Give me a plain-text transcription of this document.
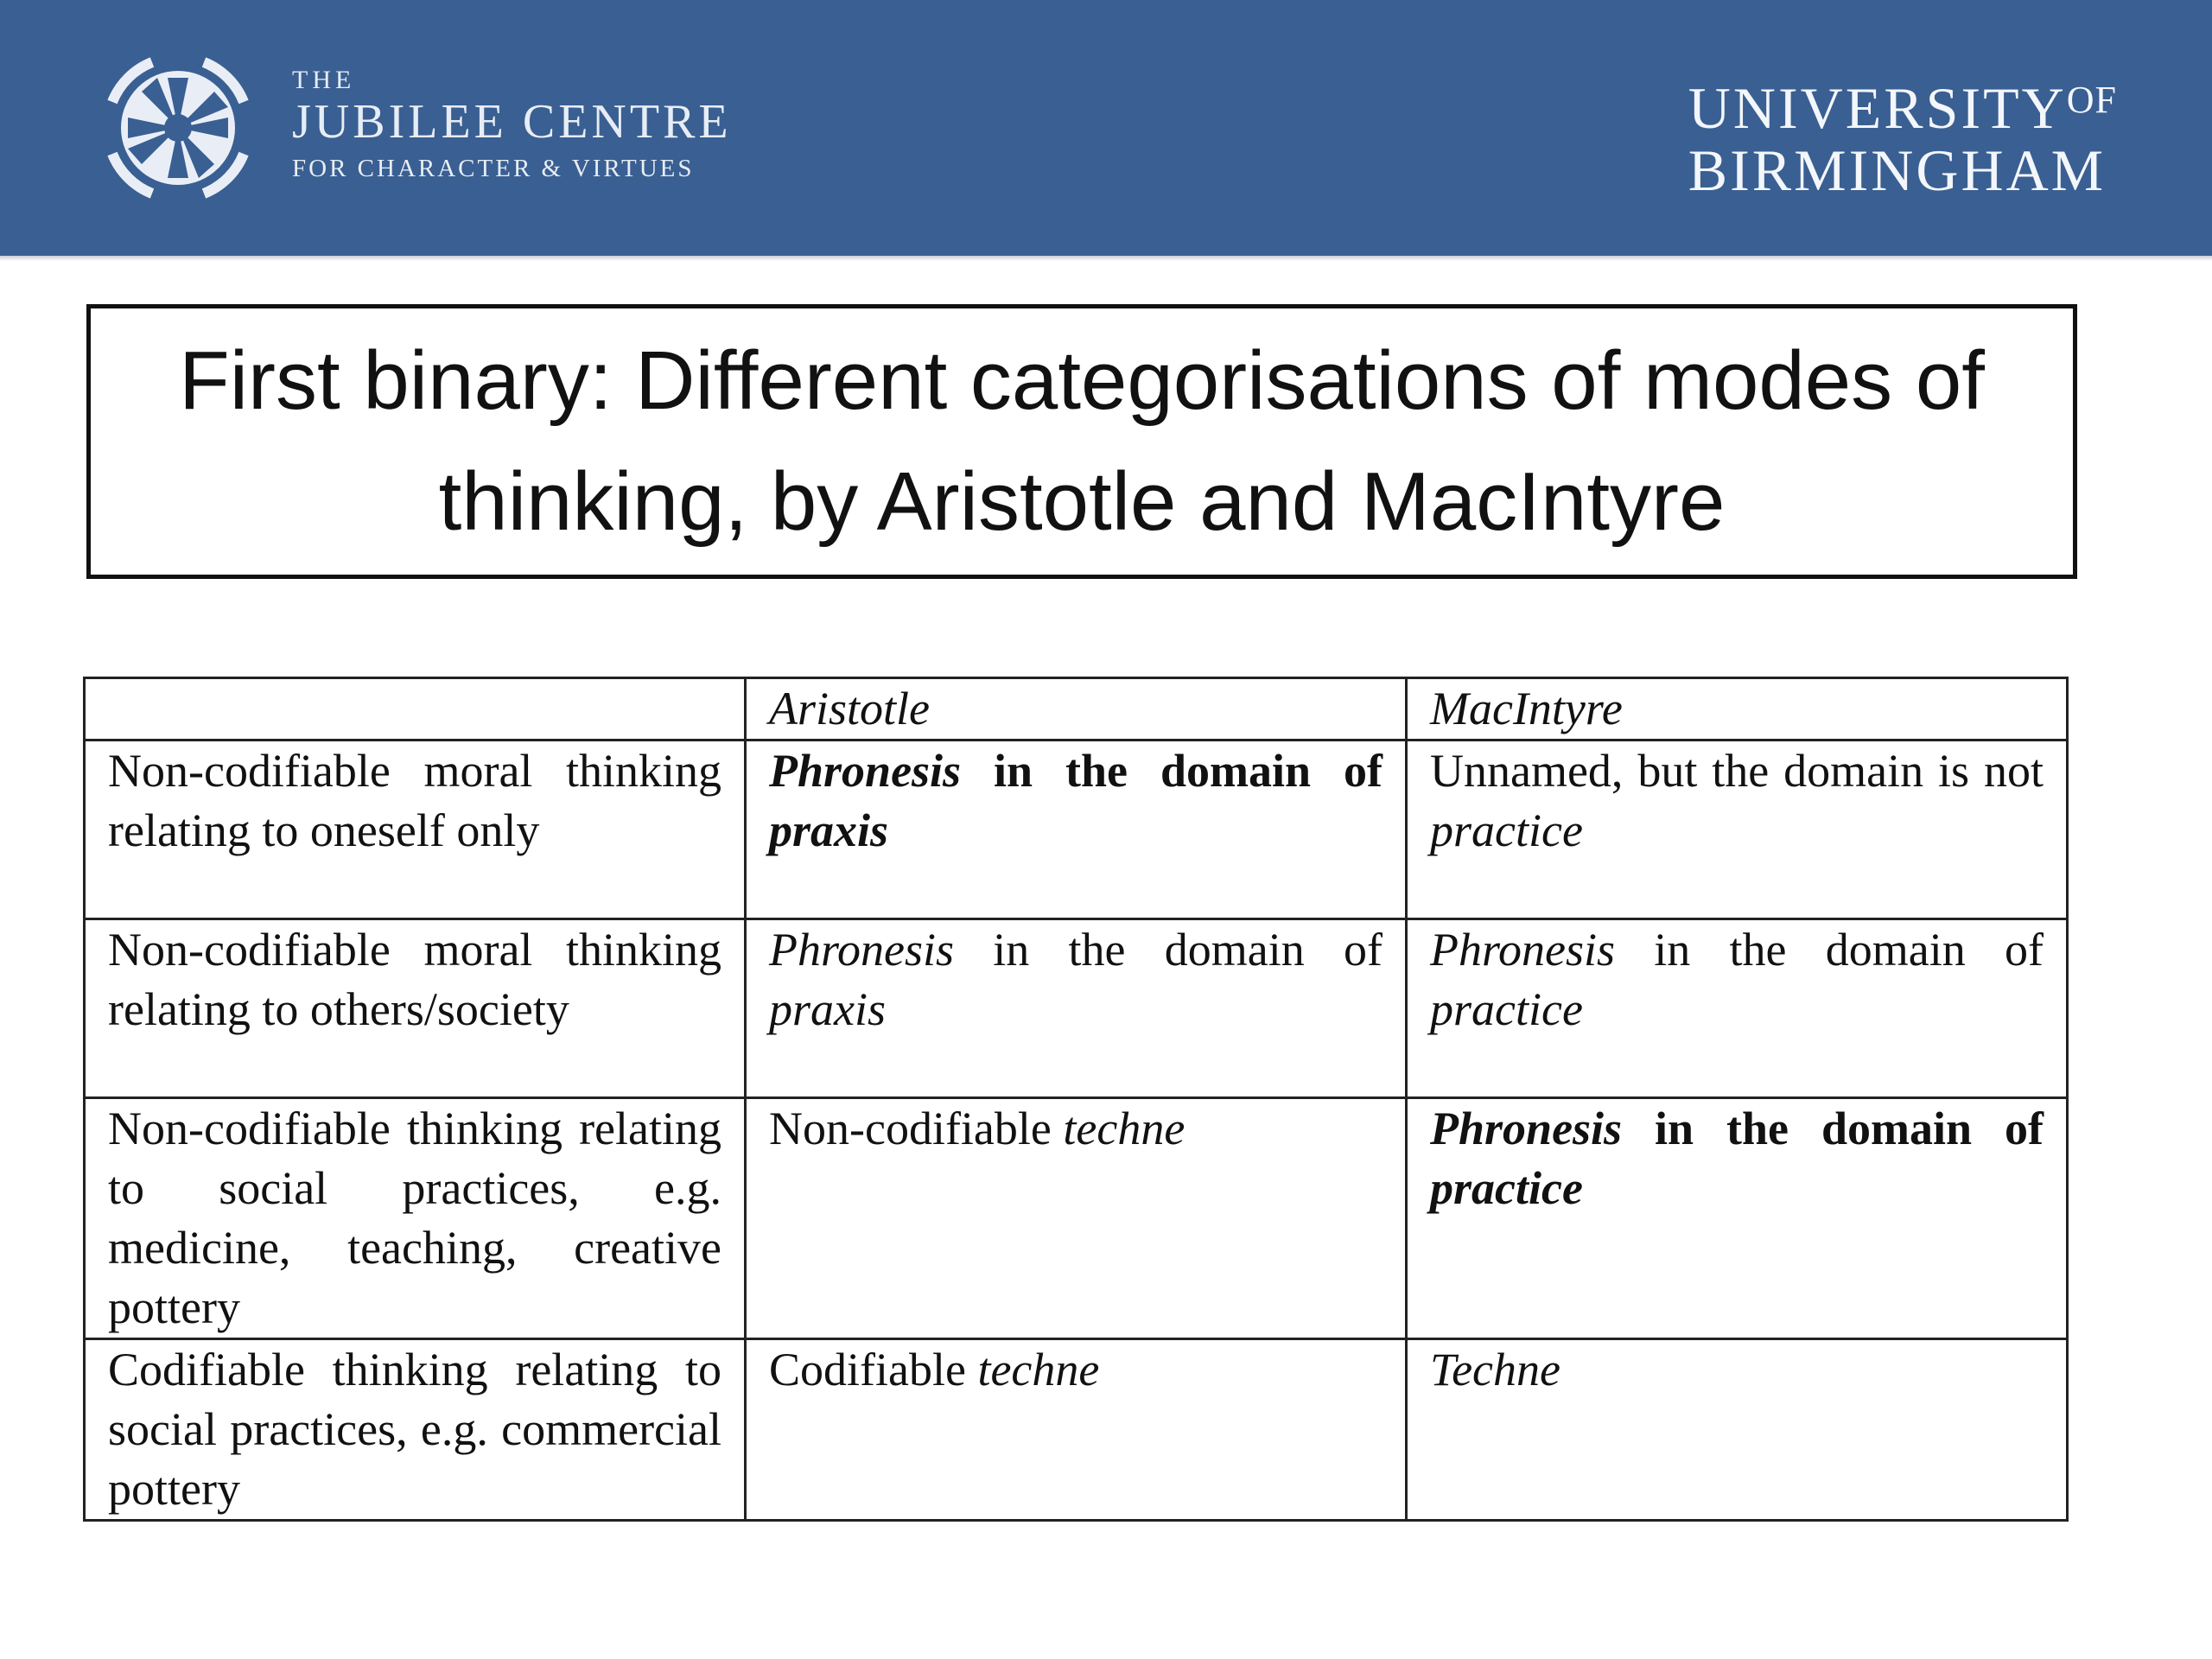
THE
JUBILEE CENTRE
FOR CHARACTER & VIRTUES
$UNIVERSITY^{OF}$
BIRMINGHAM
First binary: Different categorisations of modes of thinking, by Aristotle and MacIntyre
	Aristotle	MacIntyre
Non-codifiable moral thinking relating to oneself only	Phronesis in the domain of praxis	Unnamed, but the domain is not practice
Non-codifiable moral thinking relating to others/society	Phronesis in the domain of praxis	Phronesis in the domain of practice
Non-codifiable thinking relating to social practices, e.g. medicine, teaching, creative pottery	Non-codifiable techne	Phronesis in the domain of practice
Codifiable thinking relating to social practices, e.g. commercial pottery	Codifiable techne	Techne
